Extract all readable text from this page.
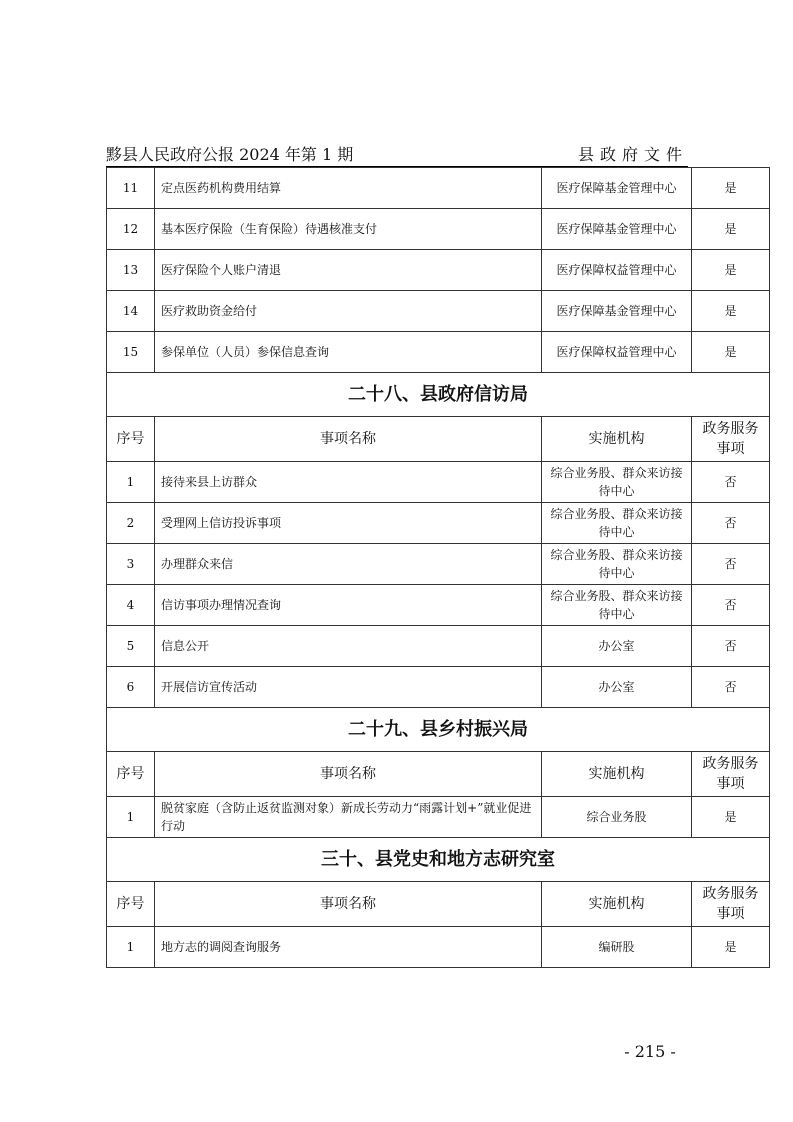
黟县人民政府公报 2024 年第 1 期	县政府文件
11	定点医药机构费用结算	医疗保障基金管理中心	是
12	基本医疗保险（生育保险）待遇核准支付	医疗保障基金管理中心	是
13	医疗保险个人账户清退	医疗保障权益管理中心	是
14	医疗救助资金给付	医疗保障基金管理中心	是
15	参保单位（人员）参保信息查询	医疗保障权益管理中心	是
二十八、县政府信访局			
序号	事项名称	实施机构	政务服务事项
1	接待来县上访群众	综合业务股、群众来访接待中心	否
2	受理网上信访投诉事项	综合业务股、群众来访接待中心	否
3	办理群众来信	综合业务股、群众来访接待中心	否
4	信访事项办理情况查询	综合业务股、群众来访接待中心	否
5	信息公开	办公室	否
6	开展信访宣传活动	办公室	否
二十九、县乡村振兴局			
序号	事项名称	实施机构	政务服务事项
1	脱贫家庭（含防止返贫监测对象）新成长劳动力“雨露计划+”就业促进行动	综合业务股	是
三十、县党史和地方志研究室			
序号	事项名称	实施机构	政务服务事项
1	地方志的调阅查询服务	编研股	是
- 215 -
